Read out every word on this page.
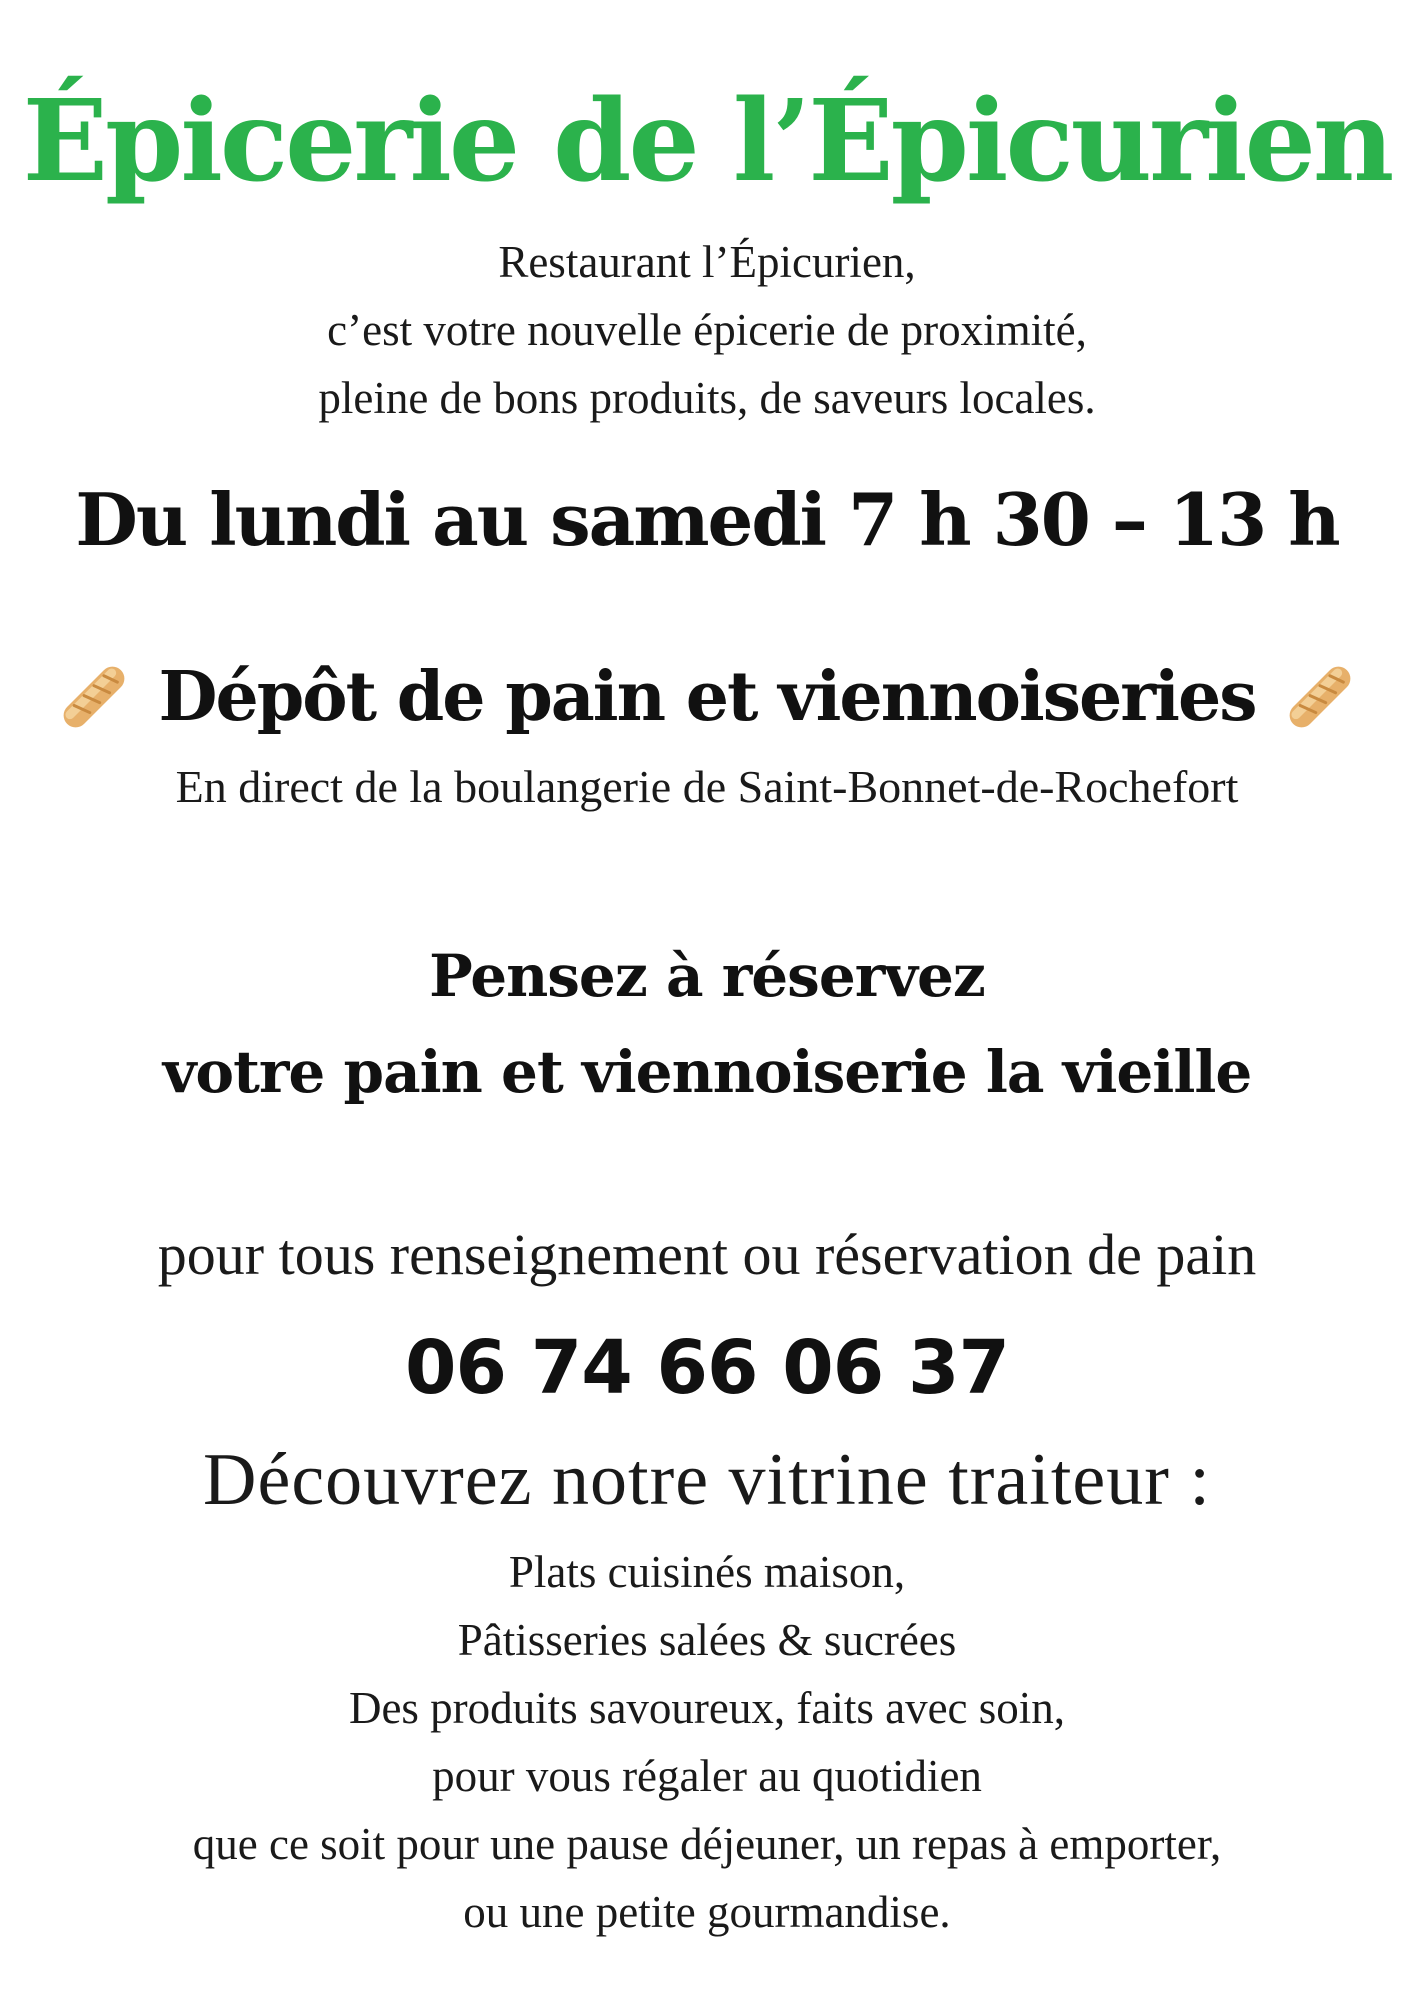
Épicerie de l’Épicurien
Restaurant l’Épicurien,
c’est votre nouvelle épicerie de proximité,
pleine de bons produits, de saveurs locales.
Du lundi au samedi 7 h 30 – 13 h
Dépôt de pain et viennoiseries
En direct de la boulangerie de Saint-Bonnet-de-Rochefort
Pensez à réservez
votre pain et viennoiserie la vieille
pour tous renseignement ou réservation de pain
06 74 66 06 37
Découvrez notre vitrine traiteur :
Plats cuisinés maison,
Pâtisseries salées & sucrées
Des produits savoureux, faits avec soin,
pour vous régaler au quotidien
que ce soit pour une pause déjeuner, un repas à emporter,
ou une petite gourmandise.
